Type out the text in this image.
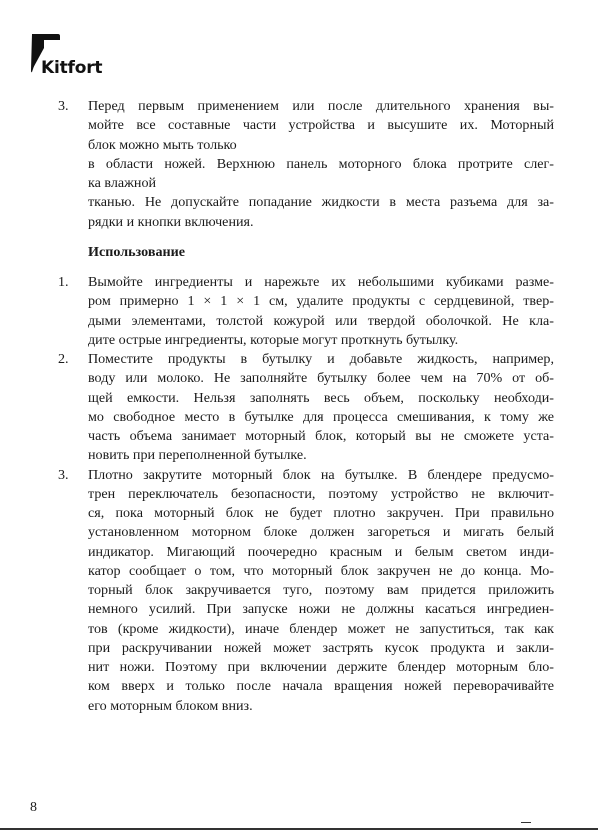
Kitfort
3.	Перед первым применением или после длительного хранения вы-
мойте все составные части устройства и высушите их. Моторный
блок можно мыть только
в области ножей. Верхнюю панель моторного блока протрите слег-
ка влажной
тканью. Не допускайте попадание жидкости в места разъема для за-
рядки и кнопки включения.
Использование
1.	Вымойте ингредиенты и нарежьте их небольшими кубиками разме-
ром примерно 1 × 1 × 1 см, удалите продукты с сердцевиной, твер-
дыми элементами, толстой кожурой или твердой оболочкой. Не кла-
дите острые ингредиенты, которые могут проткнуть бутылку.
2.	Поместите продукты в бутылку и добавьте жидкость, например,
воду или молоко. Не заполняйте бутылку более чем на 70% от об-
щей емкости. Нельзя заполнять весь объем, поскольку необходи-
мо свободное место в бутылке для процесса смешивания, к тому же
часть объема занимает моторный блок, который вы не сможете уста-
новить при переполненной бутылке.
3.	Плотно закрутите моторный блок на бутылке. В блендере предусмо-
трен переключатель безопасности, поэтому устройство не включит-
ся, пока моторный блок не будет плотно закручен. При правильно
установленном моторном блоке должен загореться и мигать белый
индикатор. Мигающий поочередно красным и белым светом инди-
катор сообщает о том, что моторный блок закручен не до конца. Мо-
торный блок закручивается туго, поэтому вам придется приложить
немного усилий. При запуске ножи не должны касаться ингредиен-
тов (кроме жидкости), иначе блендер может не запуститься, так как
при раскручивании ножей может застрять кусок продукта и закли-
нит ножи. Поэтому при включении держите блендер моторным бло-
ком вверх и только после начала вращения ножей переворачивайте
его моторным блоком вниз.
8
